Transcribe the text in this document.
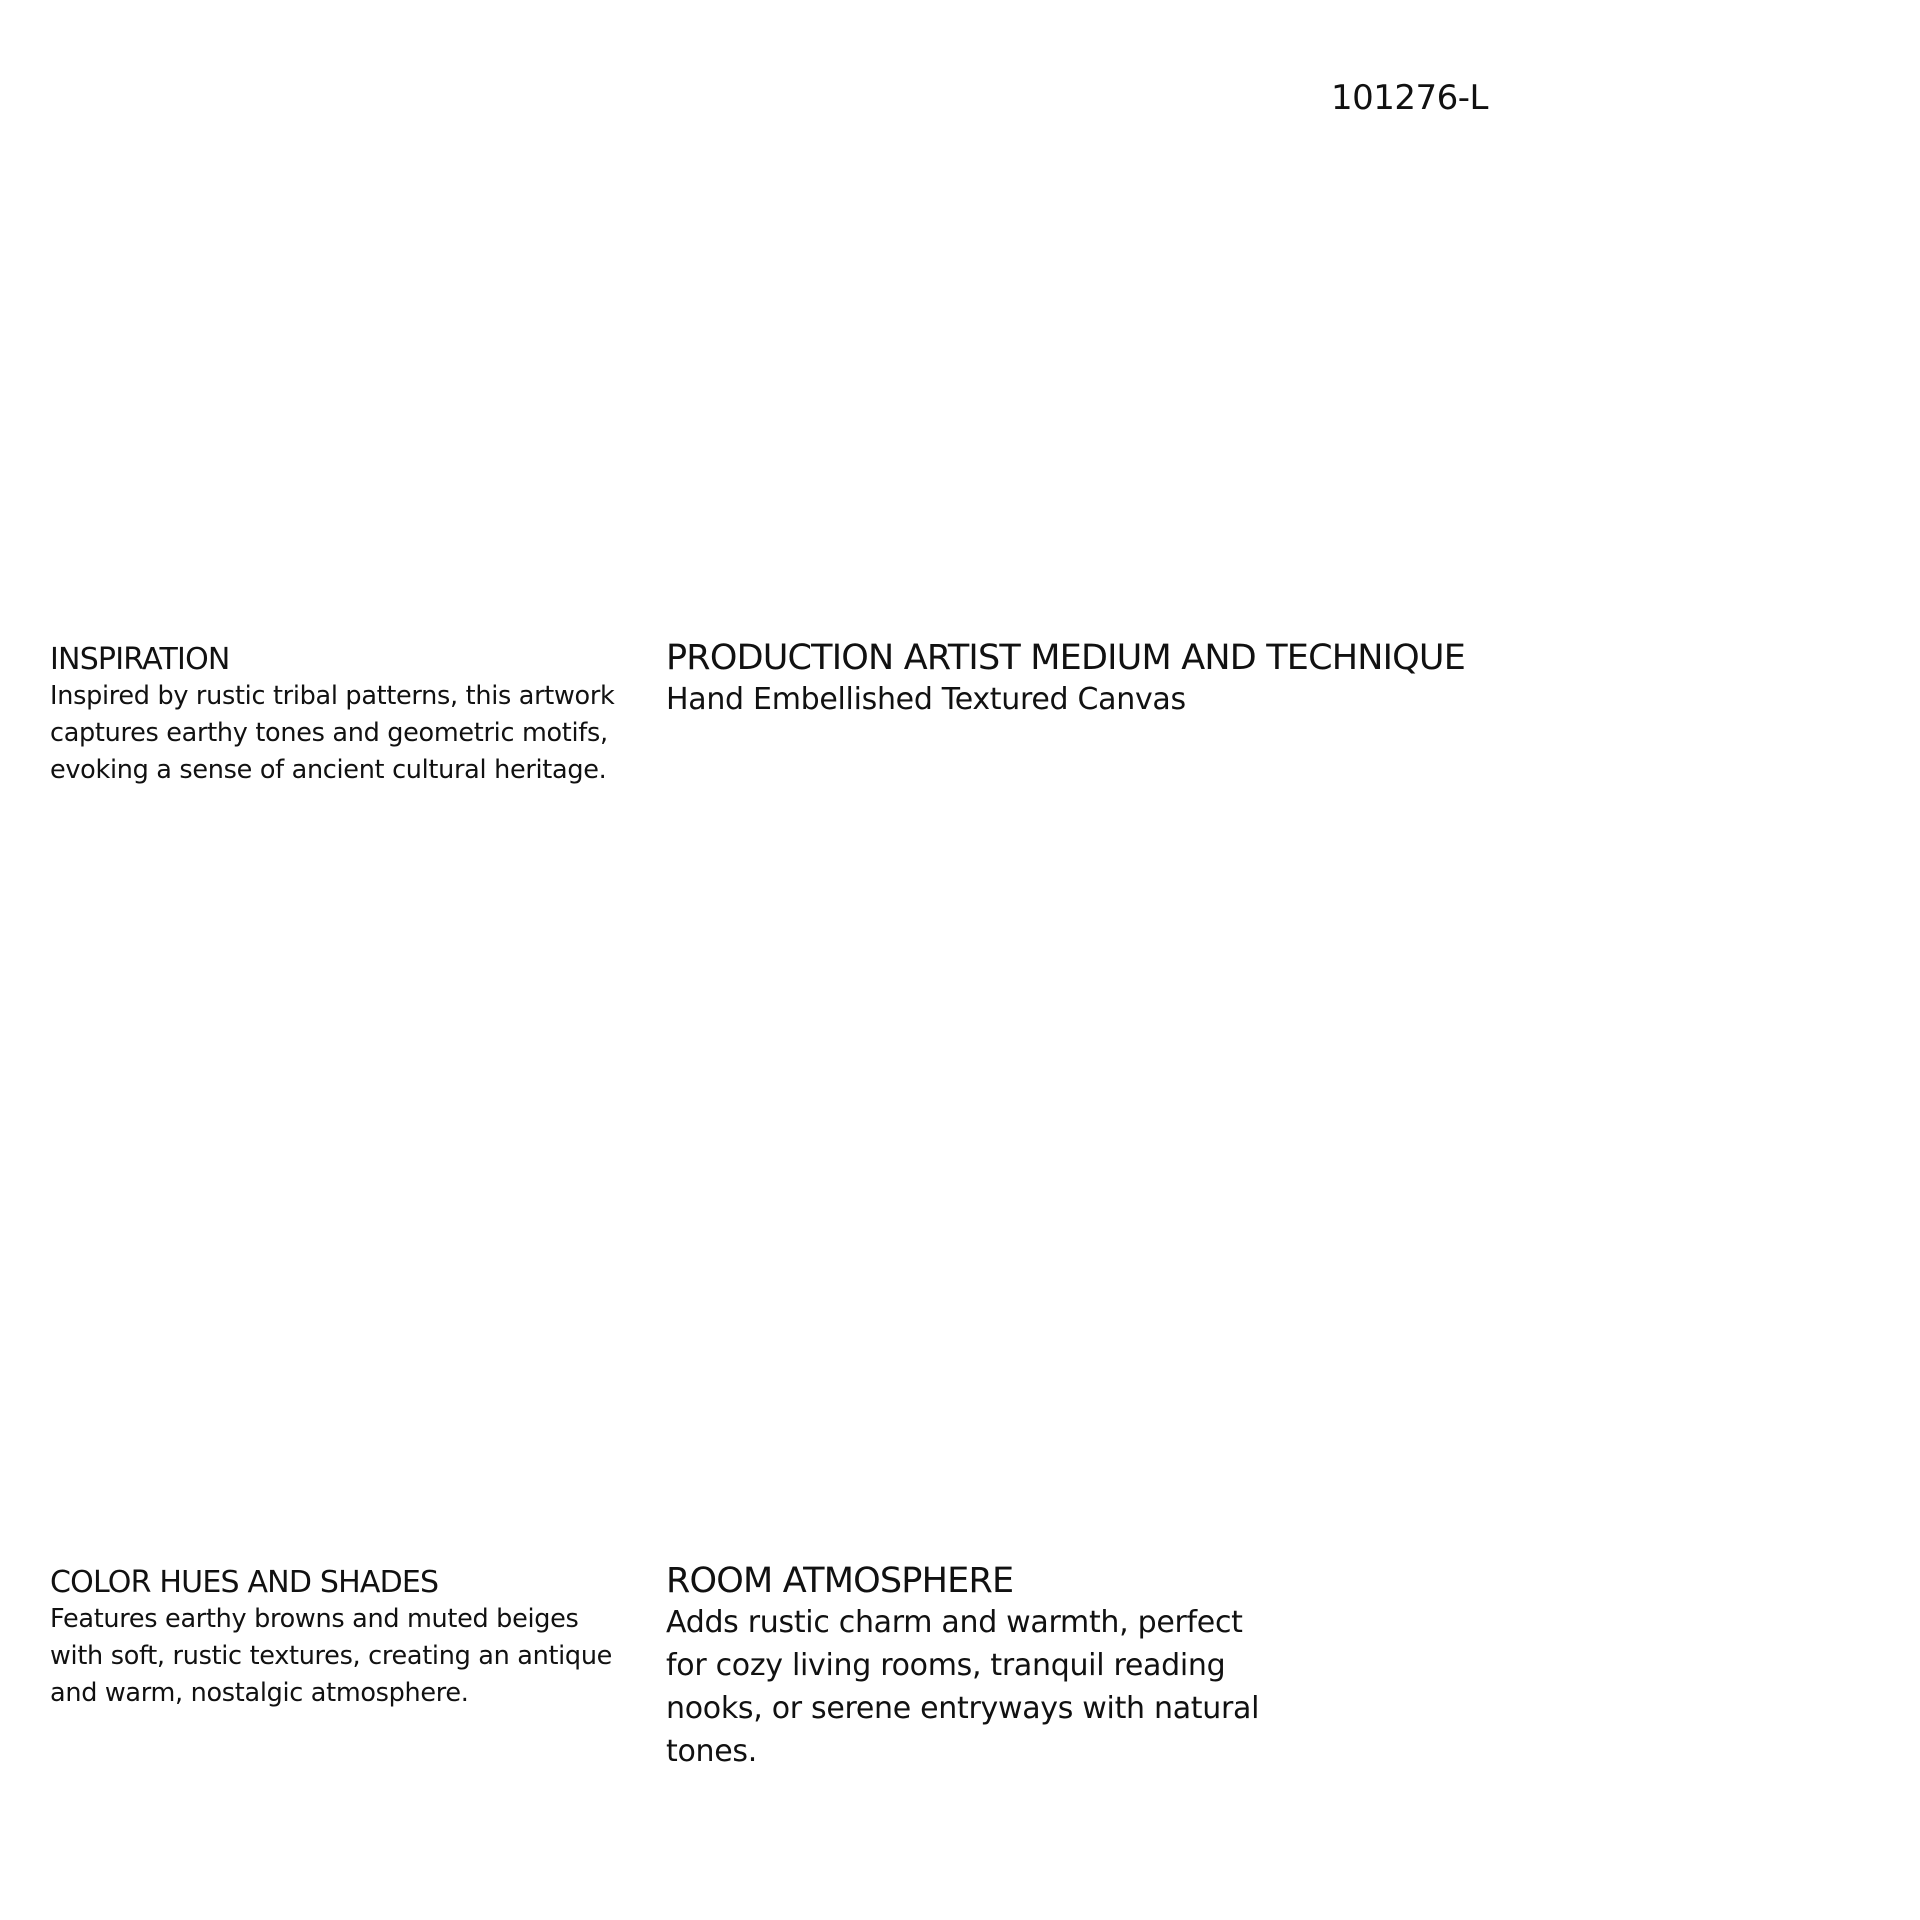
101276-L
INSPIRATION

Inspired by rustic tribal patterns, this artwork captures earthy tones and geometric motifs, evoking a sense of ancient cultural heritage.

PRODUCTION ARTIST MEDIUM AND TECHNIQUE

Hand Embellished Textured Canvas

COLOR HUES AND SHADES

Features earthy browns and muted beiges with soft, rustic textures, creating an antique and warm, nostalgic atmosphere.

ROOM ATMOSPHERE

Adds rustic charm and warmth, perfect for cozy living rooms, tranquil reading nooks, or serene entryways with natural tones.
